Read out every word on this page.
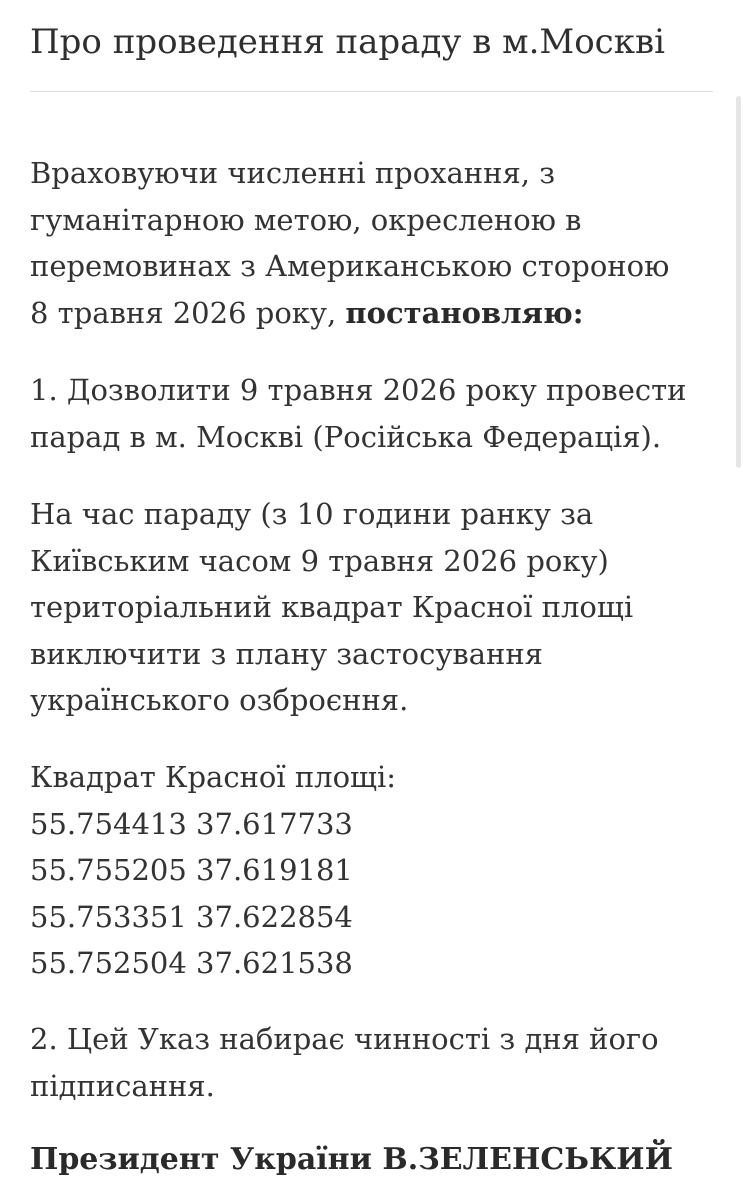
Про проведення параду в м.Москві
Враховуючи численні прохання, з
гуманітарною метою, окресленою в
перемовинах з Американською стороною
8 травня 2026 року, постановляю:
1. Дозволити 9 травня 2026 року провести
парад в м. Москві (Російська Федерація).
На час параду (з 10 години ранку за
Київським часом 9 травня 2026 року)
територіальний квадрат Красної площі
виключити з плану застосування
українського озброєння.
Квадрат Красної площі:
55.754413 37.617733
55.755205 37.619181
55.753351 37.622854
55.752504 37.621538
2. Цей Указ набирає чинності з дня його
підписання.
Президент України В.ЗЕЛЕНСЬКИЙ
